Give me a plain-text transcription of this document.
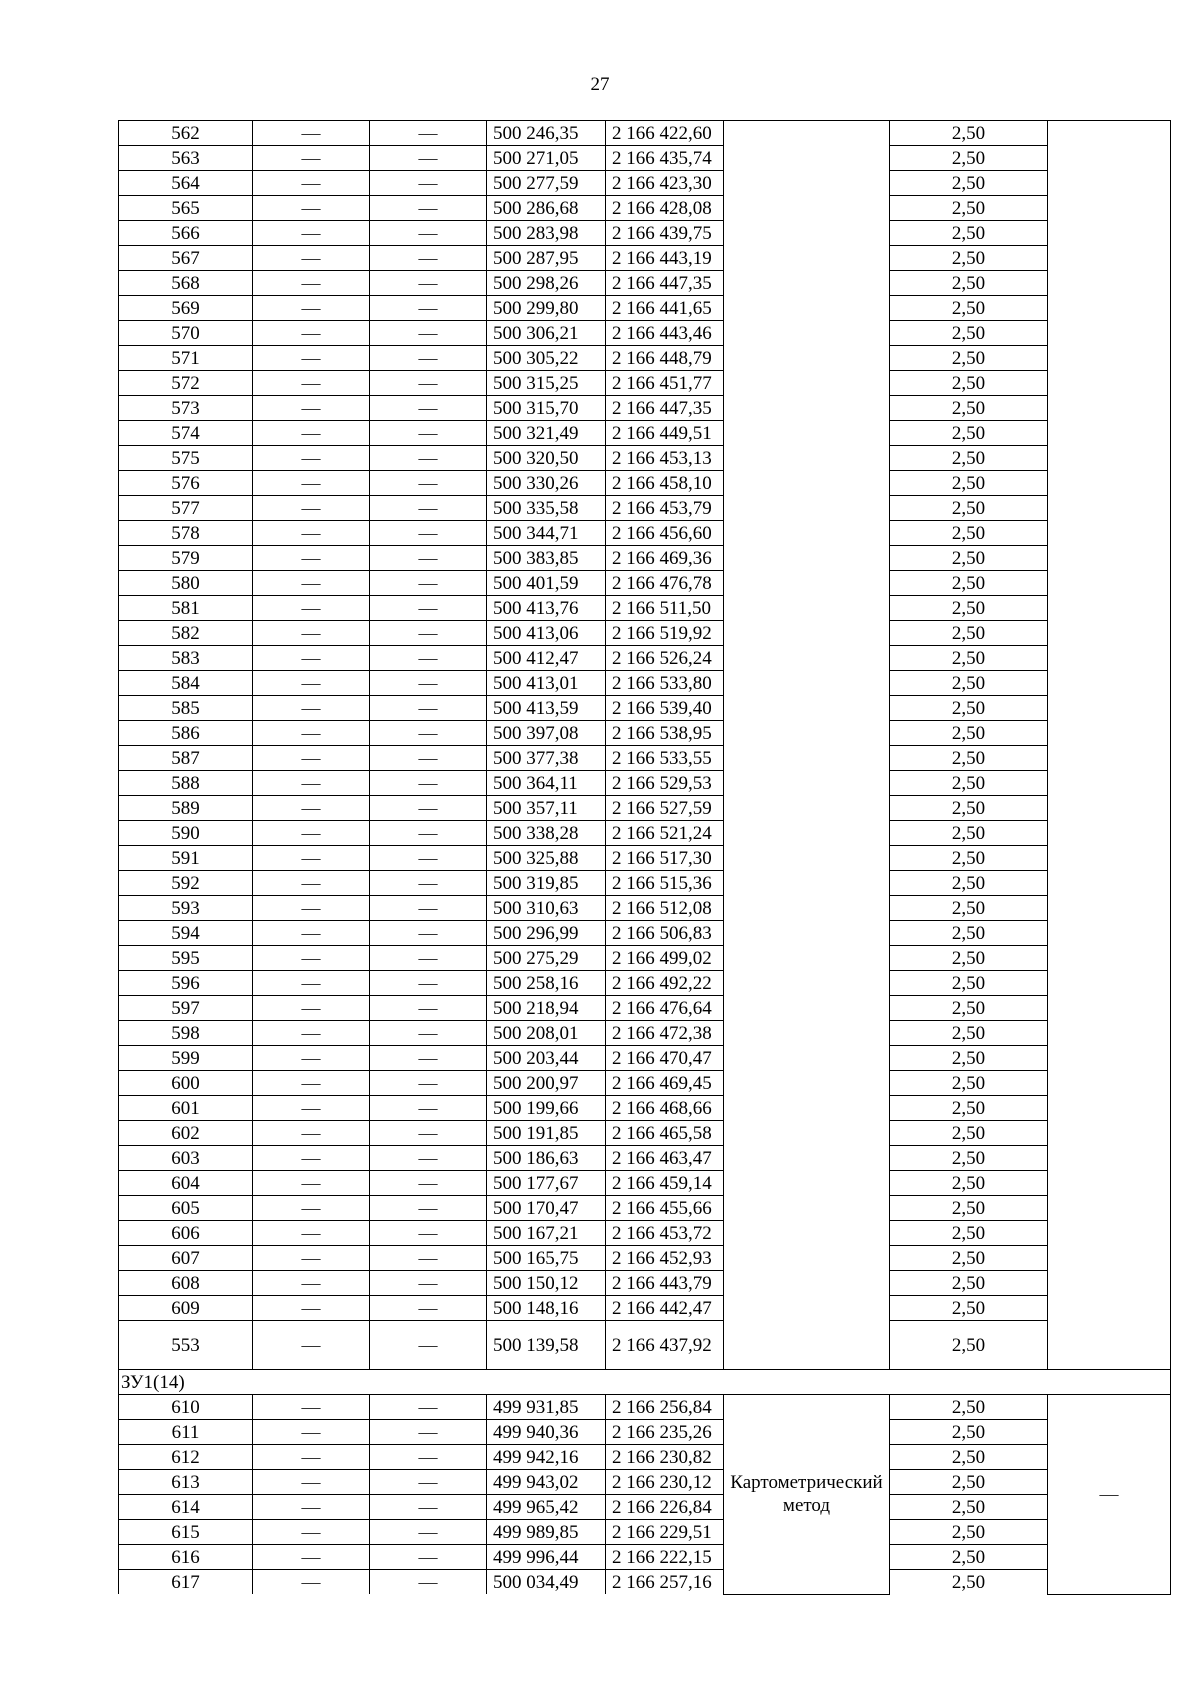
27
562	—	—	500 246,35	2 166 422,60		2,50	
563	—	—	500 271,05	2 166 435,74		2,50	
564	—	—	500 277,59	2 166 423,30		2,50	
565	—	—	500 286,68	2 166 428,08		2,50	
566	—	—	500 283,98	2 166 439,75		2,50	
567	—	—	500 287,95	2 166 443,19		2,50	
568	—	—	500 298,26	2 166 447,35		2,50	
569	—	—	500 299,80	2 166 441,65		2,50	
570	—	—	500 306,21	2 166 443,46		2,50	
571	—	—	500 305,22	2 166 448,79		2,50	
572	—	—	500 315,25	2 166 451,77		2,50	
573	—	—	500 315,70	2 166 447,35		2,50	
574	—	—	500 321,49	2 166 449,51		2,50	
575	—	—	500 320,50	2 166 453,13		2,50	
576	—	—	500 330,26	2 166 458,10		2,50	
577	—	—	500 335,58	2 166 453,79		2,50	
578	—	—	500 344,71	2 166 456,60		2,50	
579	—	—	500 383,85	2 166 469,36		2,50	
580	—	—	500 401,59	2 166 476,78		2,50	
581	—	—	500 413,76	2 166 511,50		2,50	
582	—	—	500 413,06	2 166 519,92		2,50	
583	—	—	500 412,47	2 166 526,24		2,50	
584	—	—	500 413,01	2 166 533,80		2,50	
585	—	—	500 413,59	2 166 539,40		2,50	
586	—	—	500 397,08	2 166 538,95		2,50	
587	—	—	500 377,38	2 166 533,55		2,50	
588	—	—	500 364,11	2 166 529,53		2,50	
589	—	—	500 357,11	2 166 527,59		2,50	
590	—	—	500 338,28	2 166 521,24		2,50	
591	—	—	500 325,88	2 166 517,30		2,50	
592	—	—	500 319,85	2 166 515,36		2,50	
593	—	—	500 310,63	2 166 512,08		2,50	
594	—	—	500 296,99	2 166 506,83		2,50	
595	—	—	500 275,29	2 166 499,02		2,50	
596	—	—	500 258,16	2 166 492,22		2,50	
597	—	—	500 218,94	2 166 476,64		2,50	
598	—	—	500 208,01	2 166 472,38		2,50	
599	—	—	500 203,44	2 166 470,47		2,50	
600	—	—	500 200,97	2 166 469,45		2,50	
601	—	—	500 199,66	2 166 468,66		2,50	
602	—	—	500 191,85	2 166 465,58		2,50	
603	—	—	500 186,63	2 166 463,47		2,50	
604	—	—	500 177,67	2 166 459,14		2,50	
605	—	—	500 170,47	2 166 455,66		2,50	
606	—	—	500 167,21	2 166 453,72		2,50	
607	—	—	500 165,75	2 166 452,93		2,50	
608	—	—	500 150,12	2 166 443,79		2,50	
609	—	—	500 148,16	2 166 442,47		2,50	
553	—	—	500 139,58	2 166 437,92		2,50	
ЗУ1(14)							
610	—	—	499 931,85	2 166 256,84	Картометрический метод	2,50	—
611	—	—	499 940,36	2 166 235,26		2,50	
612	—	—	499 942,16	2 166 230,82		2,50	
613	—	—	499 943,02	2 166 230,12		2,50	
614	—	—	499 965,42	2 166 226,84		2,50	
615	—	—	499 989,85	2 166 229,51		2,50	
616	—	—	499 996,44	2 166 222,15		2,50	
617	—	—	500 034,49	2 166 257,16		2,50	
